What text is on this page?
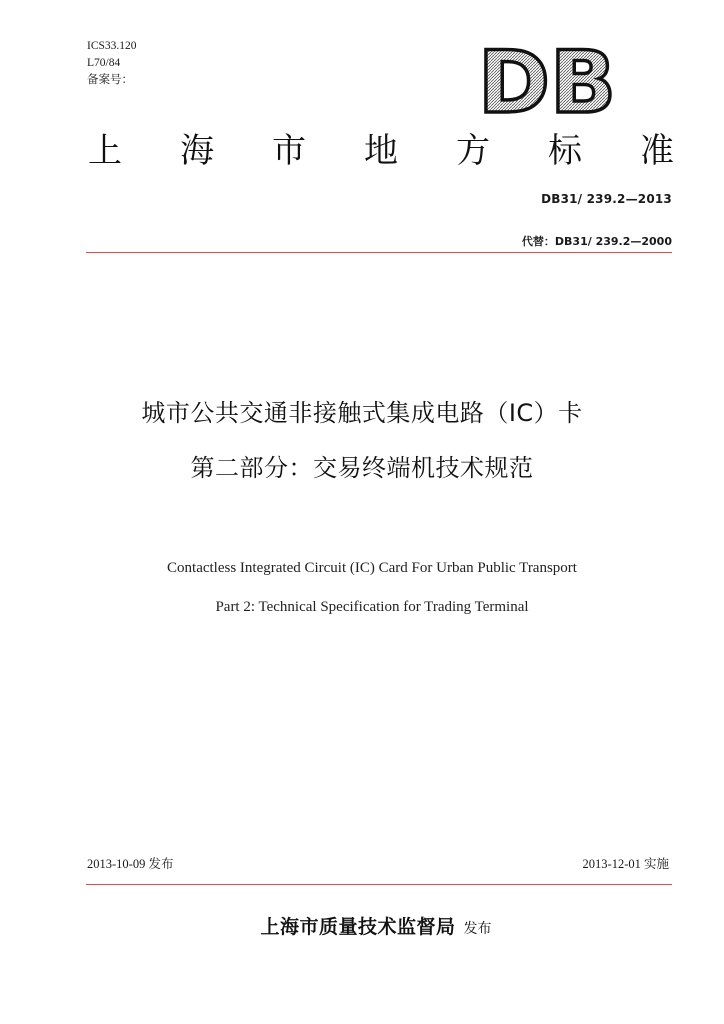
ICS33.120
L70/84
备案号：	DB
上 海 市 地 方 标 准
DB31/ 239.2—2013
代替：DB31/ 239.2—2000
城市公共交通非接触式集成电路（IC）卡
第二部分：交易终端机技术规范
Contactless Integrated Circuit (IC) Card For Urban Public Transport
Part 2: Technical Specification for Trading Terminal
2013-10-09 发布	2013-12-01 实施
上海市质量技术监督局 发布
